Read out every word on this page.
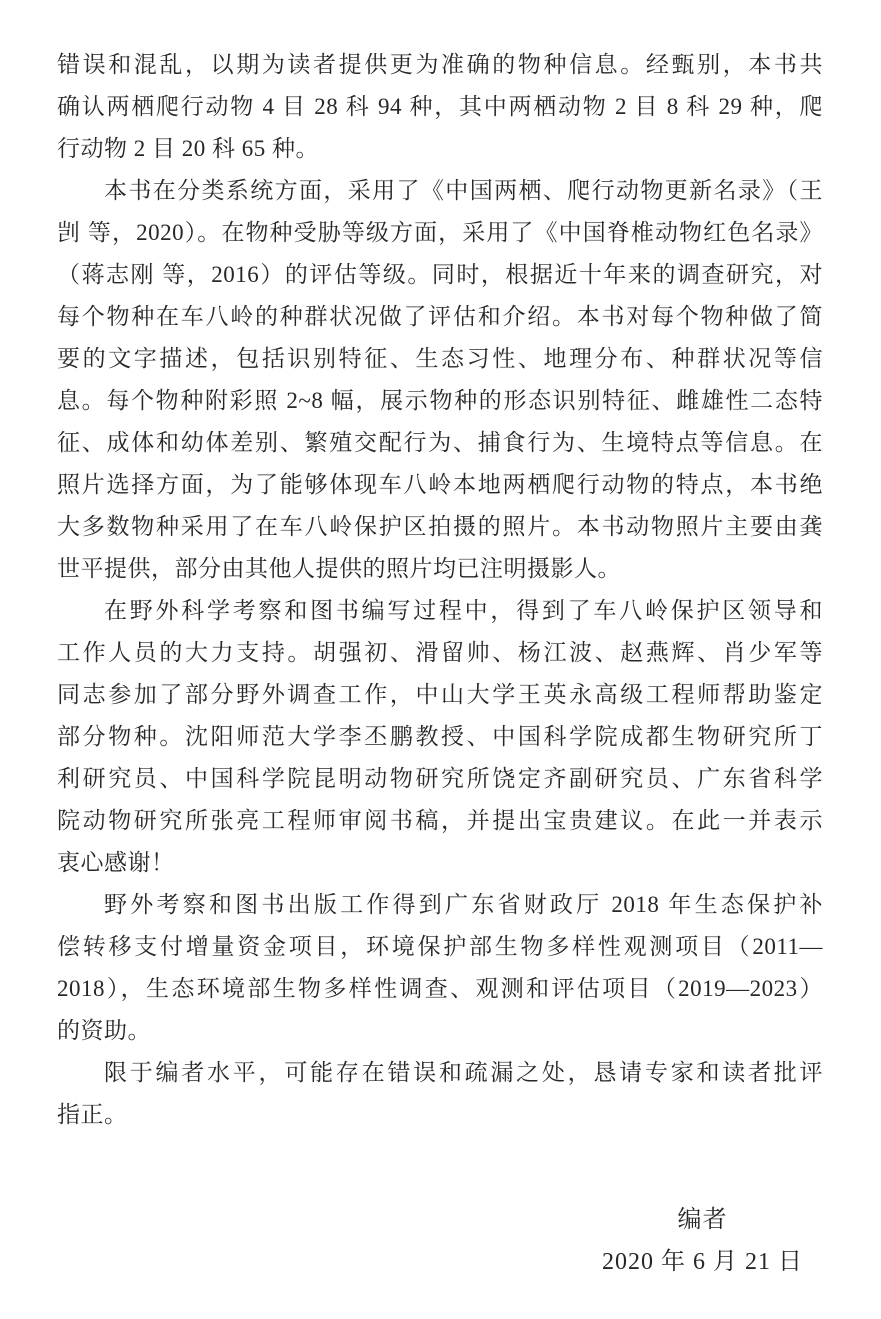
错误和混乱，以期为读者提供更为准确的物种信息。经甄别，本书共
确认两栖爬行动物 4 目 28 科 94 种，其中两栖动物 2 目 8 科 29 种，爬
行动物 2 目 20 科 65 种。
本书在分类系统方面，采用了《中国两栖、爬行动物更新名录》（王
剀 等，2020）。在物种受胁等级方面，采用了《中国脊椎动物红色名录》
（蒋志刚 等，2016）的评估等级。同时，根据近十年来的调查研究，对
每个物种在车八岭的种群状况做了评估和介绍。本书对每个物种做了简
要的文字描述，包括识别特征、生态习性、地理分布、种群状况等信
息。每个物种附彩照 2~8 幅，展示物种的形态识别特征、雌雄性二态特
征、成体和幼体差别、繁殖交配行为、捕食行为、生境特点等信息。在
照片选择方面，为了能够体现车八岭本地两栖爬行动物的特点，本书绝
大多数物种采用了在车八岭保护区拍摄的照片。本书动物照片主要由龚
世平提供，部分由其他人提供的照片均已注明摄影人。
在野外科学考察和图书编写过程中，得到了车八岭保护区领导和
工作人员的大力支持。胡强初、滑留帅、杨江波、赵燕辉、肖少军等
同志参加了部分野外调查工作，中山大学王英永高级工程师帮助鉴定
部分物种。沈阳师范大学李丕鹏教授、中国科学院成都生物研究所丁
利研究员、中国科学院昆明动物研究所饶定齐副研究员、广东省科学
院动物研究所张亮工程师审阅书稿，并提出宝贵建议。在此一并表示
衷心感谢！
野外考察和图书出版工作得到广东省财政厅 2018 年生态保护补
偿转移支付增量资金项目，环境保护部生物多样性观测项目（2011—
2018），生态环境部生物多样性调查、观测和评估项目（2019—2023）
的资助。
限于编者水平，可能存在错误和疏漏之处，恳请专家和读者批评
指正。
编者
2020 年 6 月 21 日
